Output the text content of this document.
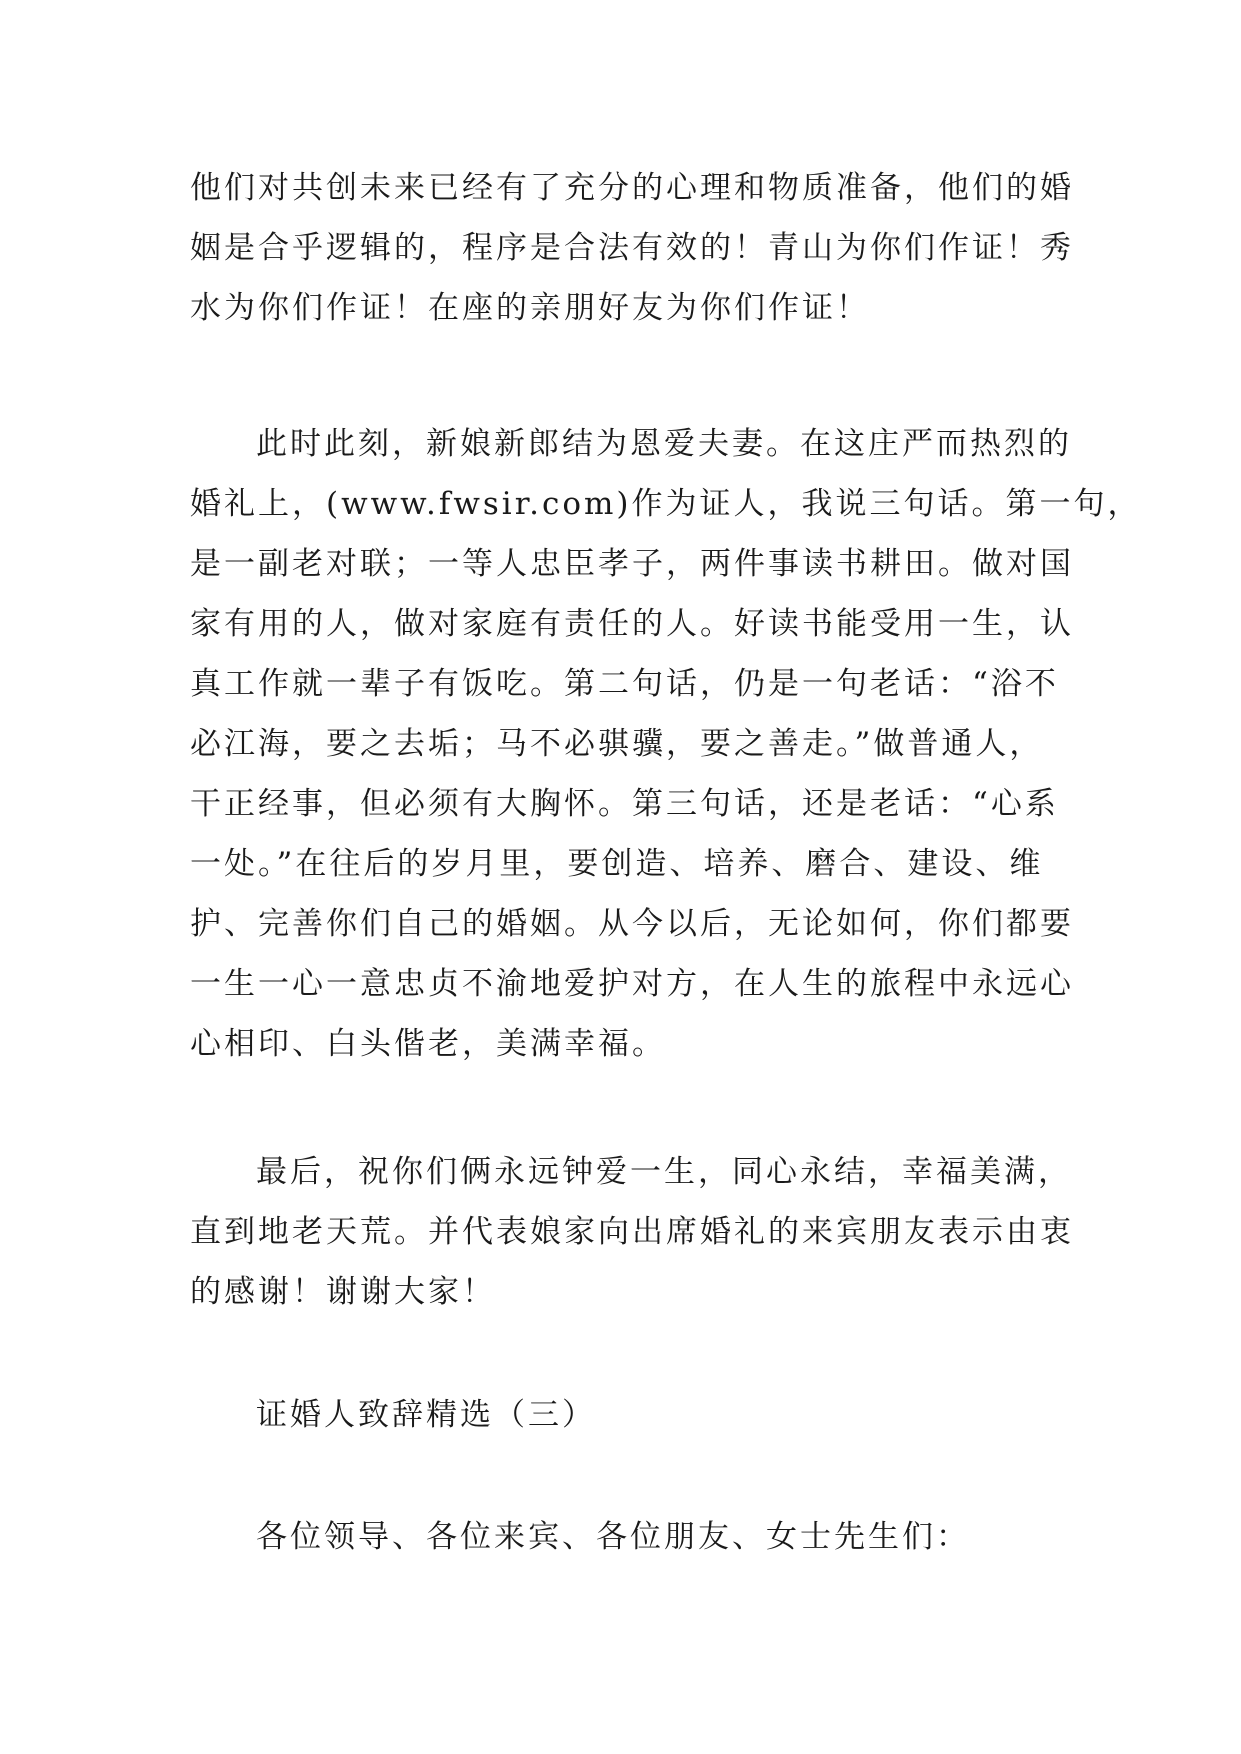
他们对共创未来已经有了充分的心理和物质准备，他们的婚
姻是合乎逻辑的，程序是合法有效的！青山为你们作证！秀
水为你们作证！在座的亲朋好友为你们作证！
此时此刻，新娘新郎结为恩爱夫妻。在这庄严而热烈的
婚礼上，(www.fwsir.com)作为证人，我说三句话。第一句，
是一副老对联；一等人忠臣孝子，两件事读书耕田。做对国
家有用的人，做对家庭有责任的人。好读书能受用一生，认
真工作就一辈子有饭吃。第二句话，仍是一句老话：“浴不
必江海，要之去垢；马不必骐骥，要之善走。”做普通人，
干正经事，但必须有大胸怀。第三句话，还是老话：“心系
一处。”在往后的岁月里，要创造、培养、磨合、建设、维
护、完善你们自己的婚姻。从今以后，无论如何，你们都要
一生一心一意忠贞不渝地爱护对方，在人生的旅程中永远心
心相印、白头偕老，美满幸福。
最后，祝你们俩永远钟爱一生，同心永结，幸福美满，
直到地老天荒。并代表娘家向出席婚礼的来宾朋友表示由衷
的感谢！谢谢大家！
证婚人致辞精选（三）
各位领导、各位来宾、各位朋友、女士先生们：
